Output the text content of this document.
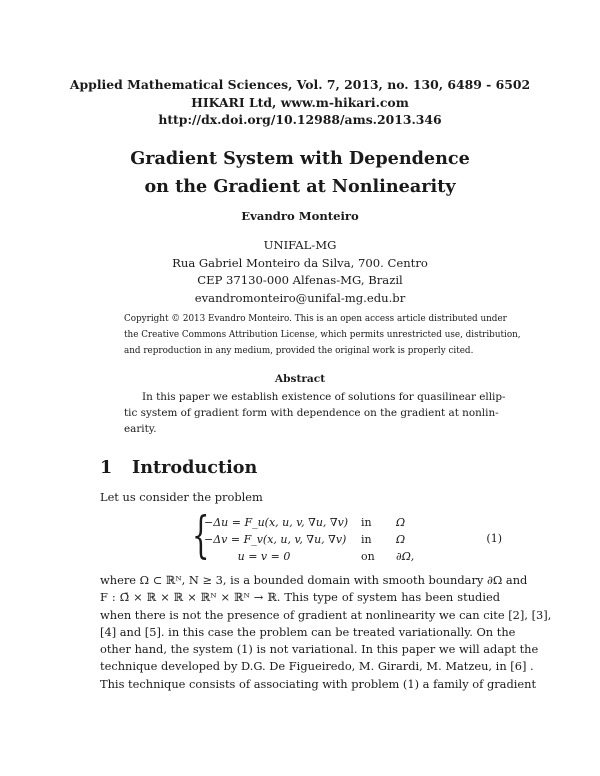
Applied Mathematical Sciences, Vol. 7, 2013, no. 130, 6489 - 6502
HIKARI Ltd, www.m-hikari.com
http://dx.doi.org/10.12988/ams.2013.346
Gradient System with Dependence
on the Gradient at Nonlinearity
Evandro Monteiro
UNIFAL-MG
Rua Gabriel Monteiro da Silva, 700. Centro
CEP 37130-000 Alfenas-MG, Brazil
evandromonteiro@unifal-mg.edu.br
Copyright © 2013 Evandro Monteiro. This is an open access article distributed under
the Creative Commons Attribution License, which permits unrestricted use, distribution,
and reproduction in any medium, provided the original work is properly cited.
Abstract
In this paper we establish existence of solutions for quasilinear ellip-
tic system of gradient form with dependence on the gradient at nonlin-
earity.
1 Introduction
Let us consider the problem
{
−Δu = F_u(x, u, v, ∇u, ∇v) in Ω
−Δv = F_v(x, u, v, ∇u, ∇v) in Ω
u = v = 0	on ∂Ω,
(1)
where Ω ⊂ ℝᴺ, N ≥ 3, is a bounded domain with smooth boundary ∂Ω and
F : Ω̄ × ℝ × ℝ × ℝᴺ × ℝᴺ → ℝ. This type of system has been studied
when there is not the presence of gradient at nonlinearity we can cite [2], [3],
[4] and [5]. in this case the problem can be treated variationally. On the
other hand, the system (1) is not variational. In this paper we will adapt the
technique developed by D.G. De Figueiredo, M. Girardi, M. Matzeu, in [6] .
This technique consists of associating with problem (1) a family of gradient
